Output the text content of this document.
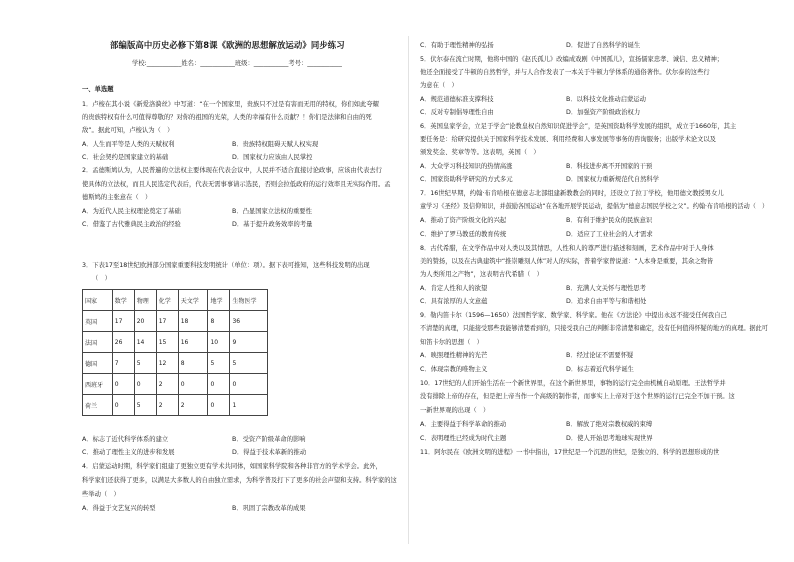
部编版高中历史必修下第8课《欧洲的思想解放运动》同步练习
学校:___________姓名：___________班级：___________考号：___________
一、单选题
1．卢梭在其小说《新爱洛漪丝》中写道：“在一个国家里，贵族只不过是有害而无用的特权，你们如此夸耀
的贵族特权有什么可值得尊敬的？对你的祖国的光荣，人类的幸福有什么贡献？！你们是法律和自由的死
敌”。据此可知，卢梭认为（　）
A．人生而平等是人类的天赋权利	B．贵族特权阻碍天赋人权实现
C．社会契约是国家建立的基础	D．国家权力应该由人民掌控
2．孟德斯鸠认为，人民普遍的立法权主要体现在代表会议中，人民并不适合直接讨论政事，应该由代表去行
使具体的立法权，而且人民选定代表后，代表无需事事请示选民，否则会拉低政府的运行效率且无实际作用。孟
德斯鸠的主张意在（　）
A．为近代人民主权理论奠定了基础	B．凸显国家立法权的重要性
C．借鉴了古代雅典民主政治的经验	D．基于提升政务效率的考量
3．下表17至18世纪欧洲部分国家重要科技发明统计（单位：项）。据下表可推知，这些科技发明的出现
（　）
国家	数学	物理	化学	天文学	地学	生物医学
英国	17	20	17	18	8	36
法国	26	14	15	16	10	9
德国	7	5	12	8	5	5
西班牙	0	0	2	0	0	0
荷兰	0	5	2	2	0	1
A．标志了近代科学体系的建立	B．受资产阶级革命的影响
C．推动了理性主义的进步和发展	D．得益于技术革新的推动
4．启蒙运动时期，科学家们组建了更独立更有学术共同体，如国家科学院和各种非官方的学术学会。此外，
科学家们还获得了更多，以满足大多数人的自由独立需求，为科学普及打下了更多的社会声望和支持。科学家的这
些举动（　）
A．得益于文艺复兴的转型	B．巩固了宗教改革的成果
C．有助于理性精神的弘扬	D．促进了自然科学的诞生
5．伏尔泰在流亡时期，他将中国的《赵氏孤儿》改编成戏剧《中国孤儿》，宣扬儒家忠孝、诚信、忠义精神；
他还全面接受了牛顿的自然哲学，并与人合作发表了一本关于牛顿力学体系的通俗著作。伏尔泰的这些行
为意在（　）
A．规范道德标准支撑科技	B．以科技文化推动启蒙运动
C．反对专制倡导理性自由	D．加强资产阶级政治权力
6．英国皇家学会，立足于学会“论教皇权自然知识促进学会”，是英国资助科学发展的组织，成立于1660年，其主
要任务是：给研究提供关于国家科学技术发展、利用经费和人事发展等事务的咨询服务；出版学术论文以及
颁发奖金、奖章等等。这表明，英国（　）
A．大众学习科技知识的热情高涨	B．科技进步离不开国家的干预
C．国家资助科学研究的方式多元	D．国家权力重新规范代自然科学
7．16世纪早期，约翰·布肯哈根在德意志北部组建新教教会的同时，还设立了拉丁学校，他用德文教授男女儿
童学习《圣经》及信仰知识，并鼓励各国运动“在各地开展学民运动，提倡为“德意志国民学校之父”。约翰·布肯哈根的活动（　）
A．推动了资产阶级文化的兴起	B．有利于维护民众的民族意识
C．维护了罗马教廷的教育传统	D．适应了工业社会的人才需求
8．古代希腊，在文学作品中对人类以及其情思，人性和人的尊严进行描述和刻画，艺术作品中对于人身体
美的赞扬，以及在古典建筑中“推崇雕刻人体”对人的实际，普着学家曾说道：“人本身是重要，其余之物皆
为人类所用之产物”，这表明古代希腊（　）
A．肯定人性和人的欲望	B．充满人文关怀与理性思考
C．具有浓厚的人文意蕴	D．追求自由平等与和谐相处
9．勒内笛卡尔（1596—1650）法国哲学家、数学家、科学家。他在《方法论》中提出永远不接受任何我自己
不清楚的真理，只能接受那些我能够清楚看到的，只接受我自己的判断非常清楚和确定，没有任何值得怀疑的地方的真理。据此可
知笛卡尔的思想（　）
A．映照理性精神的光芒	B．经过论证不需要怀疑
C．体现宗教的唯物主义	D．标志着近代科学诞生
10．17世纪的人们开始生活在一个新世界里，在这个新世界里，事物的运行完全由机械自动原理。王法哲学并
没有排除上帝的存在，但是把上帝当作一个高级的制作者，而事实上上帝对于这个世界的运行已完全不加干预。这
一新世界观的出现（　）
A．主要得益于科学革命的推动	B．解放了绝对宗教权威的束缚
C．表明理性已经成为时代主题	D．使人开始思考地球实现世界
11．阿尔民在《欧洲文明的进程》一书中指出，17世纪是一个沉思的世纪，是独立的、科学的思想形成的世
